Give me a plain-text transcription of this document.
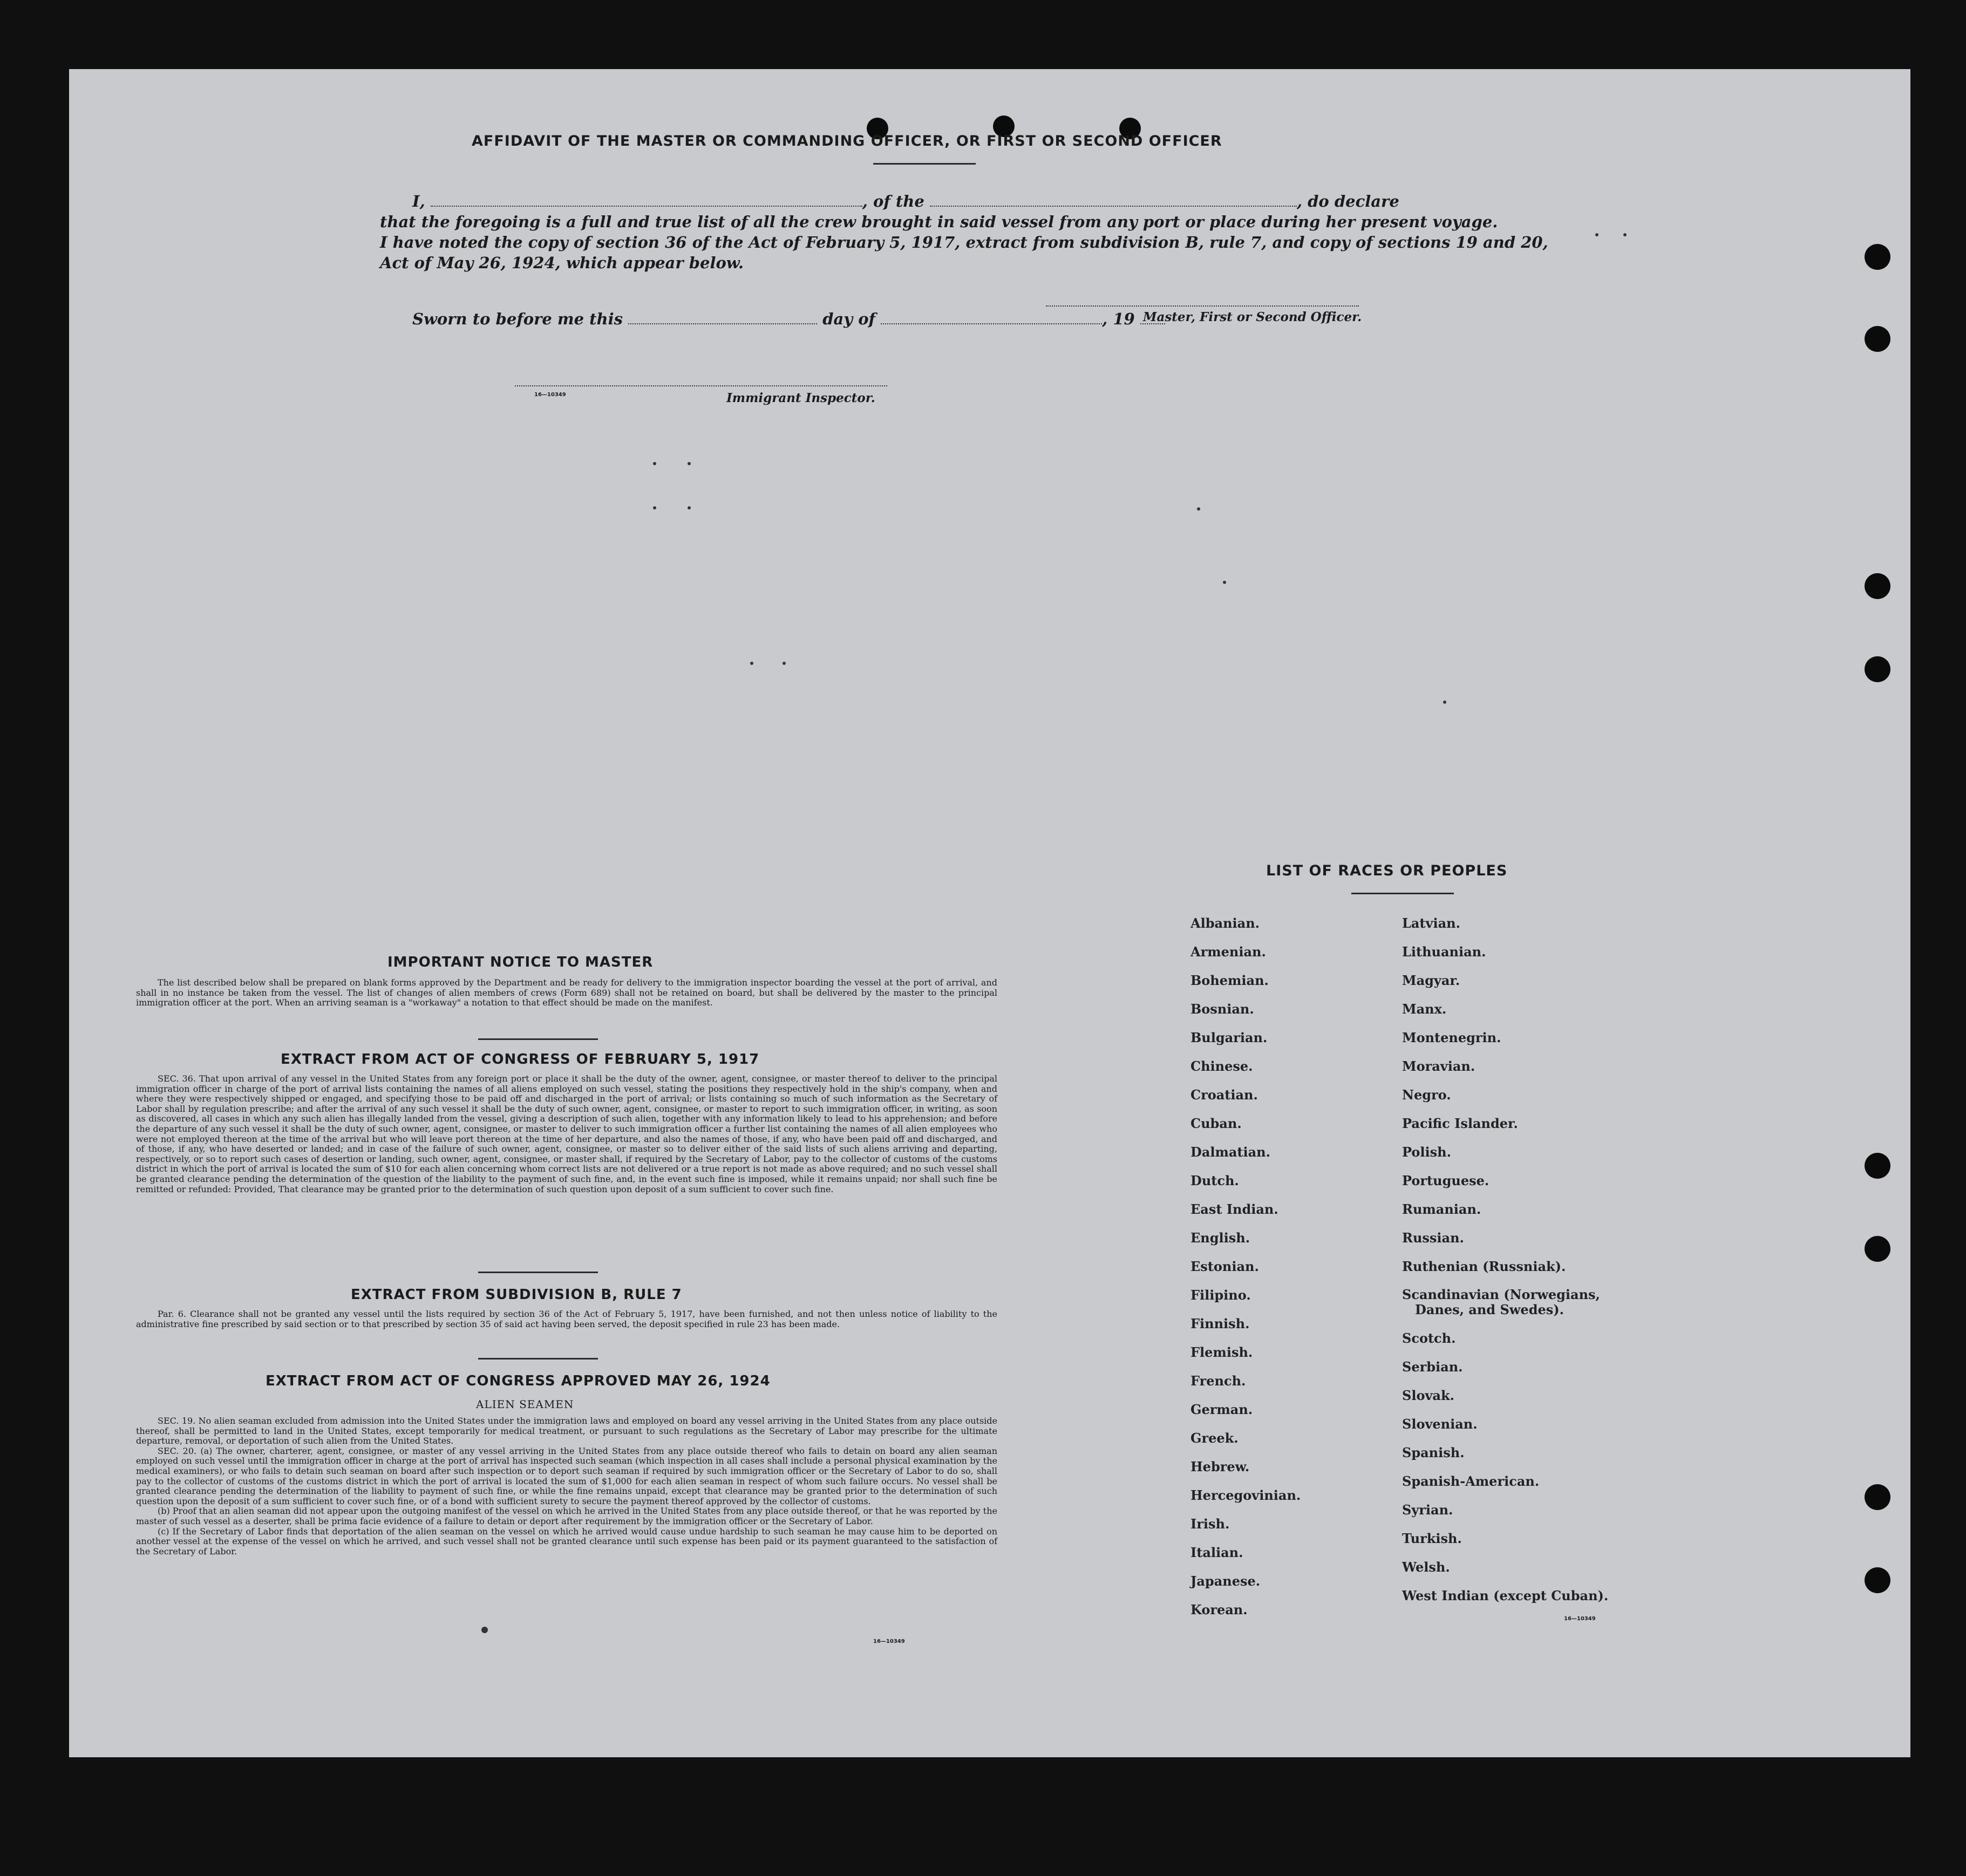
AFFIDAVIT OF THE MASTER OR COMMANDING OFFICER, OR FIRST OR SECOND OFFICER
I,	, of the	, do declare
that the foregoing is a full and true list of all the crew brought in said vessel from any port or place during her present voyage.
I have noted the copy of section 36 of the Act of February 5, 1917, extract from subdivision B, rule 7, and copy of sections 19 and 20,
Act of May 26, 1924, which appear below.
Master, First or Second Officer.
Sworn to before me this	day of	, 19
16—10349	Immigrant Inspector.
IMPORTANT NOTICE TO MASTER

The list described below shall be prepared on blank forms approved by the Department and be ready for delivery to the immigration inspector boarding the vessel at the port of arrival, and shall in no instance be taken from the vessel. The list of changes of alien members of crews (Form 689) shall not be retained on board, but shall be delivered by the master to the principal immigration officer at the port. When an arriving seaman is a "workaway" a notation to that effect should be made on the manifest.

EXTRACT FROM ACT OF CONGRESS OF FEBRUARY 5, 1917

SEC. 36. That upon arrival of any vessel in the United States from any foreign port or place it shall be the duty of the owner, agent, consignee, or master thereof to deliver to the principal immigration officer in charge of the port of arrival lists containing the names of all aliens employed on such vessel, stating the positions they respectively hold in the ship's company, when and where they were respectively shipped or engaged, and specifying those to be paid off and discharged in the port of arrival; or lists containing so much of such information as the Secretary of Labor shall by regulation prescribe; and after the arrival of any such vessel it shall be the duty of such owner, agent, consignee, or master to report to such immigration officer, in writing, as soon as discovered, all cases in which any such alien has illegally landed from the vessel, giving a description of such alien, together with any information likely to lead to his apprehension; and before the departure of any such vessel it shall be the duty of such owner, agent, consignee, or master to deliver to such immigration officer a further list containing the names of all alien employees who were not employed thereon at the time of the arrival but who will leave port thereon at the time of her departure, and also the names of those, if any, who have been paid off and discharged, and of those, if any, who have deserted or landed; and in case of the failure of such owner, agent, consignee, or master so to deliver either of the said lists of such aliens arriving and departing, respectively, or so to report such cases of desertion or landing, such owner, agent, consignee, or master shall, if required by the Secretary of Labor, pay to the collector of customs of the customs district in which the port of arrival is located the sum of $10 for each alien concerning whom correct lists are not delivered or a true report is not made as above required; and no such vessel shall be granted clearance pending the determination of the question of the liability to the payment of such fine, and, in the event such fine is imposed, while it remains unpaid; nor shall such fine be remitted or refunded: Provided, That clearance may be granted prior to the determination of such question upon deposit of a sum sufficient to cover such fine.

EXTRACT FROM SUBDIVISION B, RULE 7

Par. 6. Clearance shall not be granted any vessel until the lists required by section 36 of the Act of February 5, 1917, have been furnished, and not then unless notice of liability to the administrative fine prescribed by said section or to that prescribed by section 35 of said act having been served, the deposit specified in rule 23 has been made.

EXTRACT FROM ACT OF CONGRESS APPROVED MAY 26, 1924
ALIEN SEAMEN

SEC. 19. No alien seaman excluded from admission into the United States under the immigration laws and employed on board any vessel arriving in the United States from any place outside thereof, shall be permitted to land in the United States, except temporarily for medical treatment, or pursuant to such regulations as the Secretary of Labor may prescribe for the ultimate departure, removal, or deportation of such alien from the United States.

SEC. 20. (a) The owner, charterer, agent, consignee, or master of any vessel arriving in the United States from any place outside thereof who fails to detain on board any alien seaman employed on such vessel until the immigration officer in charge at the port of arrival has inspected such seaman (which inspection in all cases shall include a personal physical examination by the medical examiners), or who fails to detain such seaman on board after such inspection or to deport such seaman if required by such immigration officer or the Secretary of Labor to do so, shall pay to the collector of customs of the customs district in which the port of arrival is located the sum of $1,000 for each alien seaman in respect of whom such failure occurs. No vessel shall be granted clearance pending the determination of the liability to payment of such fine, or while the fine remains unpaid, except that clearance may be granted prior to the determination of such question upon the deposit of a sum sufficient to cover such fine, or of a bond with sufficient surety to secure the payment thereof approved by the collector of customs.

(b) Proof that an alien seaman did not appear upon the outgoing manifest of the vessel on which he arrived in the United States from any place outside thereof, or that he was reported by the master of such vessel as a deserter, shall be prima facie evidence of a failure to detain or deport after requirement by the immigration officer or the Secretary of Labor.

(c) If the Secretary of Labor finds that deportation of the alien seaman on the vessel on which he arrived would cause undue hardship to such seaman he may cause him to be deported on another vessel at the expense of the vessel on which he arrived, and such vessel shall not be granted clearance until such expense has been paid or its payment guaranteed to the satisfaction of the Secretary of Labor.

16—10349
LIST OF RACES OR PEOPLES
Albanian.
Armenian.
Bohemian.
Bosnian.
Bulgarian.
Chinese.
Croatian.
Cuban.
Dalmatian.
Dutch.
East Indian.
English.
Estonian.
Filipino.
Finnish.
Flemish.
French.
German.
Greek.
Hebrew.
Hercegovinian.
Irish.
Italian.
Japanese.
Korean.
Latvian.
Lithuanian.
Magyar.
Manx.
Montenegrin.
Moravian.
Negro.
Pacific Islander.
Polish.
Portuguese.
Rumanian.
Russian.
Ruthenian (Russniak).
Scandinavian (Norwegians,
Danes, and Swedes).
Scotch.
Serbian.
Slovak.
Slovenian.
Spanish.
Spanish-American.
Syrian.
Turkish.
Welsh.
West Indian (except Cuban).
16—10349
